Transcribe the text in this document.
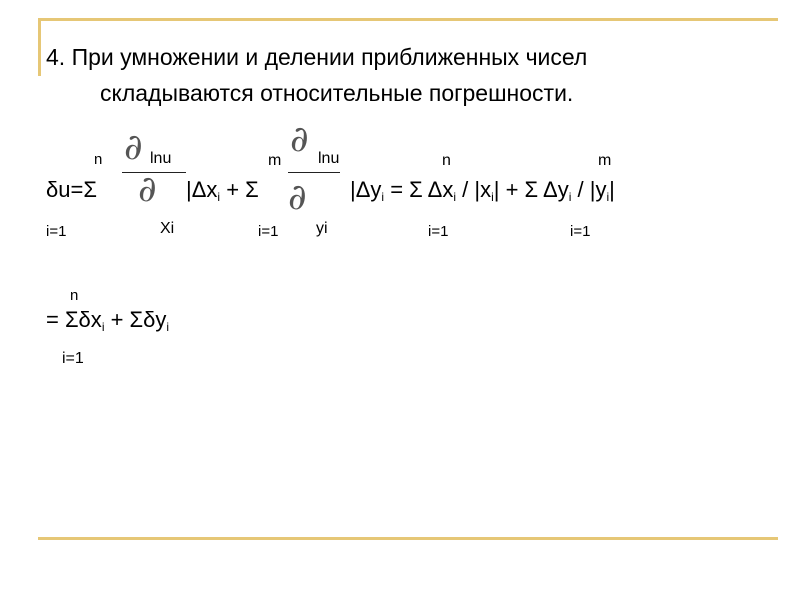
4. При умножении и делении приближенных чисел
складываются относительные погрешности.
n	m	n	m
∂ lnu
∂
Xi
∂ lnu
∂
yi
δu=Σ	$|\Delta x_i + \Sigma$	$|\Delta y_i = \Sigma$ $\Delta x_i / |x_i| + \Sigma$ $\Delta y_i / |y_i|$
i=1	i=1	i=1	i=1
n
= Σδx$_i$ + Σδy$_i$
i=1
